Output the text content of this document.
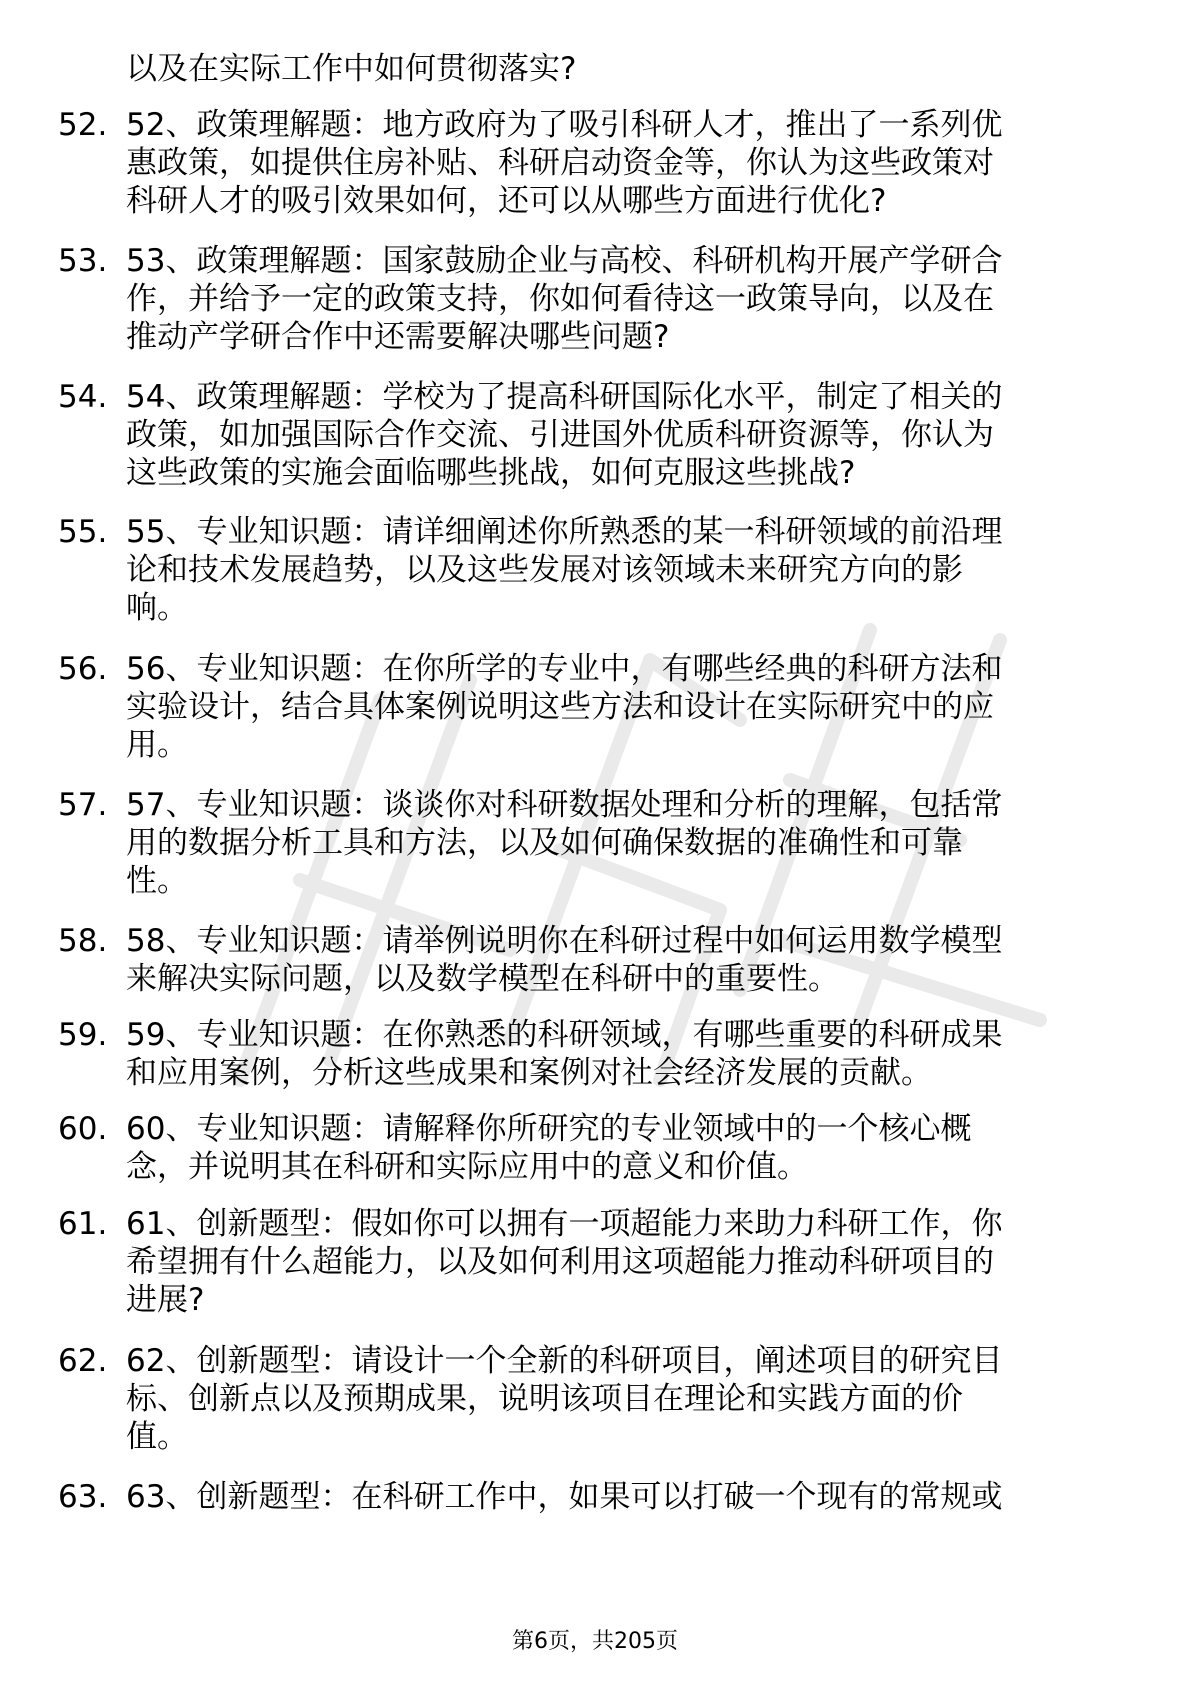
以及在实际工作中如何贯彻落实?
52. 52、政策理解题：地方政府为了吸引科研人才，推出了一系列优
惠政策，如提供住房补贴、科研启动资金等，你认为这些政策对
科研人才的吸引效果如何，还可以从哪些方面进行优化?
53. 53、政策理解题：国家鼓励企业与高校、科研机构开展产学研合
作，并给予一定的政策支持，你如何看待这一政策导向，以及在
推动产学研合作中还需要解决哪些问题?
54. 54、政策理解题：学校为了提高科研国际化水平，制定了相关的
政策，如加强国际合作交流、引进国外优质科研资源等，你认为
这些政策的实施会面临哪些挑战，如何克服这些挑战?
55. 55、专业知识题：请详细阐述你所熟悉的某一科研领域的前沿理
论和技术发展趋势，以及这些发展对该领域未来研究方向的影
响。
56. 56、专业知识题：在你所学的专业中，有哪些经典的科研方法和
实验设计，结合具体案例说明这些方法和设计在实际研究中的应
用。
57. 57、专业知识题：谈谈你对科研数据处理和分析的理解，包括常
用的数据分析工具和方法，以及如何确保数据的准确性和可靠
性。
58. 58、专业知识题：请举例说明你在科研过程中如何运用数学模型
来解决实际问题，以及数学模型在科研中的重要性。
59. 59、专业知识题：在你熟悉的科研领域，有哪些重要的科研成果
和应用案例，分析这些成果和案例对社会经济发展的贡献。
60. 60、专业知识题：请解释你所研究的专业领域中的一个核心概
念，并说明其在科研和实际应用中的意义和价值。
61. 61、创新题型：假如你可以拥有一项超能力来助力科研工作，你
希望拥有什么超能力，以及如何利用这项超能力推动科研项目的
进展?
62. 62、创新题型：请设计一个全新的科研项目，阐述项目的研究目
标、创新点以及预期成果，说明该项目在理论和实践方面的价
值。
63. 63、创新题型：在科研工作中，如果可以打破一个现有的常规或
第6页，共205页
